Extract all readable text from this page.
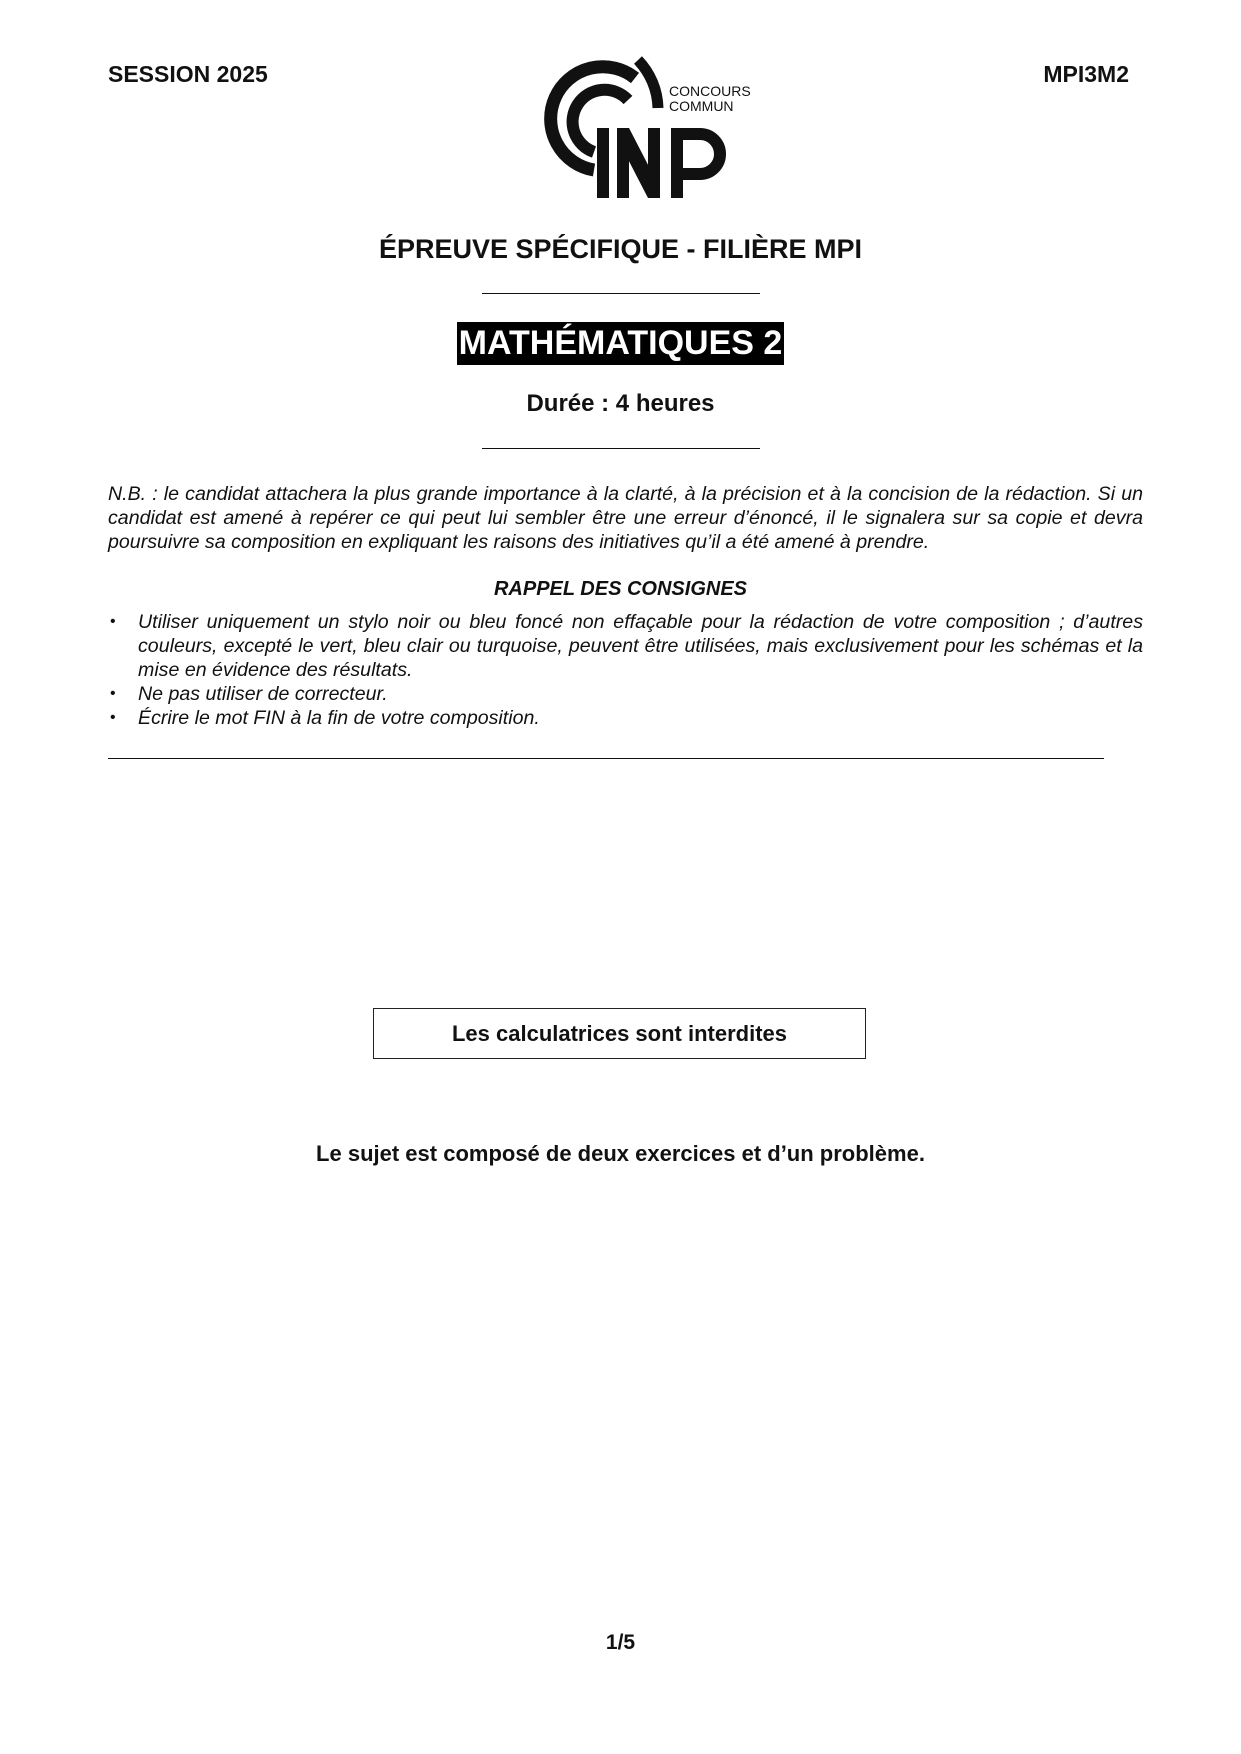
SESSION 2025	MPI3M2
CONCOURS
COMMUN
ÉPREUVE SPÉCIFIQUE - FILIÈRE MPI
MATHÉMATIQUES 2
Durée : 4 heures
N.B. : le candidat attachera la plus grande importance à la clarté, à la précision et à la concision de la rédaction. Si un candidat est amené à repérer ce qui peut lui sembler être une erreur d’énoncé, il le signalera sur sa copie et devra poursuivre sa composition en expliquant les raisons des initiatives qu’il a été amené à prendre.
RAPPEL DES CONSIGNES
• Utiliser uniquement un stylo noir ou bleu foncé non effaçable pour la rédaction de votre composition ; d’autres couleurs, excepté le vert, bleu clair ou turquoise, peuvent être utilisées, mais exclusivement pour les schémas et la mise en évidence des résultats.
• Ne pas utiliser de correcteur.
• Écrire le mot FIN à la fin de votre composition.
Les calculatrices sont interdites
Le sujet est composé de deux exercices et d’un problème.
1/5
